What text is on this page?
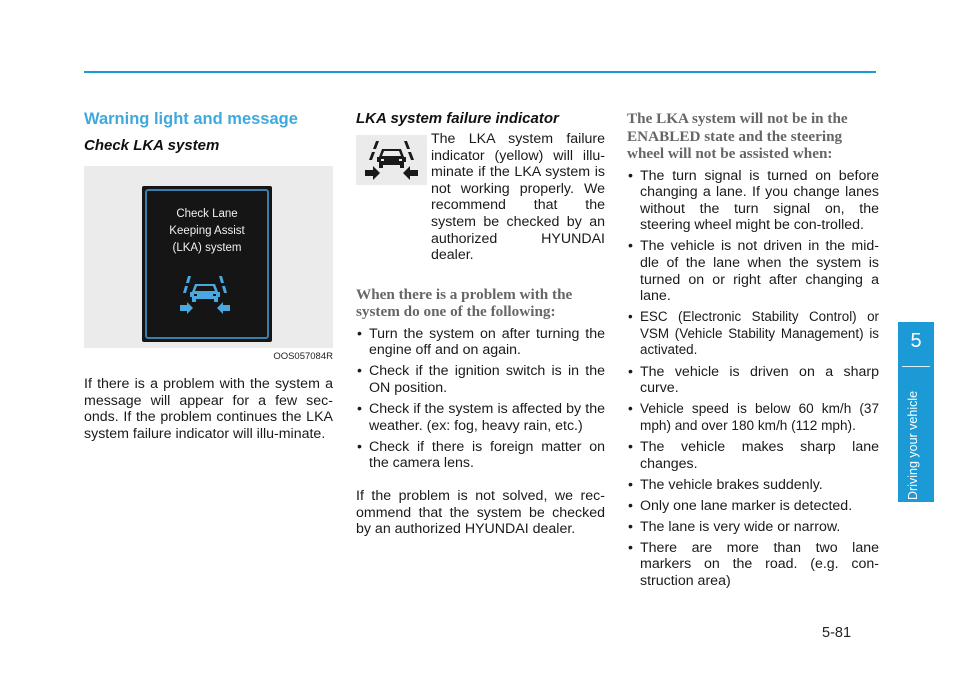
Warning light and message
Check LKA system
Check Lane
Keeping Assist
(LKA) system
OOS057084R

If there is a problem with the system a message will appear for a few sec-onds. If the problem continues the LKA system failure indicator will illu-minate.

LKA system failure indicator

The LKA system failure indicator (yellow) will illu-minate if the LKA system is not working properly. We recommend that the system be checked by an authorized HYUNDAI dealer.

When there is a problem with the system do one of the following:

• Turn the system on after turning the engine off and on again.
• Check if the ignition switch is in the ON position.
• Check if the system is affected by the weather. (ex: fog, heavy rain, etc.)
• Check if there is foreign matter on the camera lens.

If the problem is not solved, we rec-ommend that the system be checked by an authorized HYUNDAI dealer.

The LKA system will not be in the ENABLED state and the steering wheel will not be assisted when:

• The turn signal is turned on before changing a lane. If you change lanes without the turn signal on, the steering wheel might be con-trolled.
• The vehicle is not driven in the mid-dle of the lane when the system is turned on or right after changing a lane.
• ESC (Electronic Stability Control) or VSM (Vehicle Stability Management) is activated.
• The vehicle is driven on a sharp curve.
• Vehicle speed is below 60 km/h (37 mph) and over 180 km/h (112 mph).
• The vehicle makes sharp lane changes.
• The vehicle brakes suddenly.
• Only one lane marker is detected.
• The lane is very wide or narrow.
• There are more than two lane markers on the road. (e.g. con-struction area)
5
Driving your vehicle
5-81
